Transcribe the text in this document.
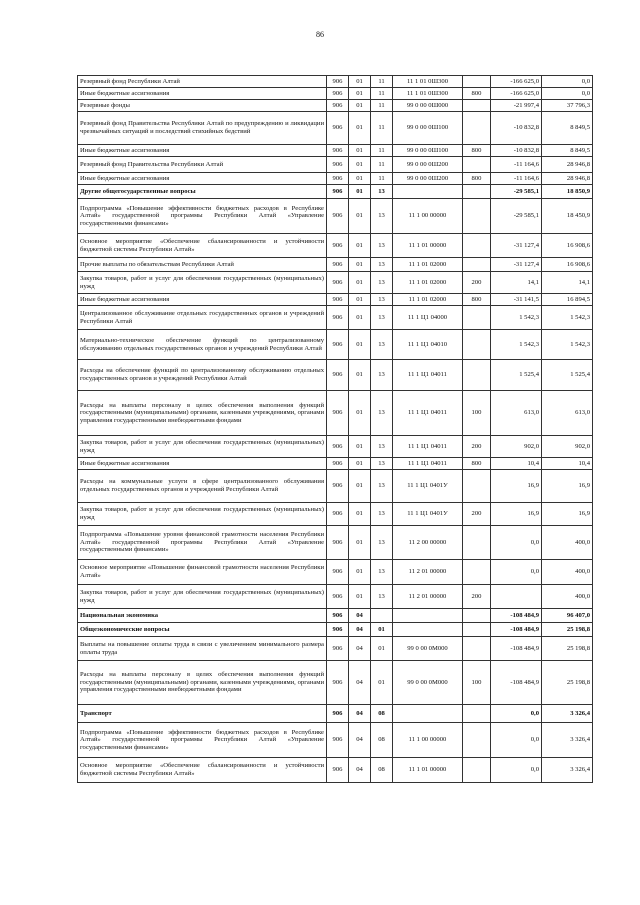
86
Резервный фонд Республики Алтай	906	01	11	11 1 01 0Ш300		-166 625,0	0,0
Иные бюджетные ассигнования	906	01	11	11 1 01 0Ш300	800	-166 625,0	0,0
Резервные фонды	906	01	11	99 0 00 0Ш000		-21 997,4	37 796,3
Резервный фонд Правительства Республики Алтай по предупреждению и ликвидации чрезвычайных ситуаций и последствий стихийных бедствий	906	01	11	99 0 00 0Ш100		-10 832,8	8 849,5
Иные бюджетные ассигнования	906	01	11	99 0 00 0Ш100	800	-10 832,8	8 849,5
Резервный фонд Правительства Республики Алтай	906	01	11	99 0 00 0Ш200		-11 164,6	28 946,8
Иные бюджетные ассигнования	906	01	11	99 0 00 0Ш200	800	-11 164,6	28 946,8
Другие общегосударственные вопросы	906	01	13			-29 585,1	18 850,9
Подпрограмма «Повышение эффективности бюджетных расходов в Республике Алтай» государственной программы Республики Алтай «Управление государственными финансами»	906	01	13	11 1 00 00000		-29 585,1	18 450,9
Основное мероприятие «Обеспечение сбалансированности и устойчивости бюджетной системы Республики Алтай»	906	01	13	11 1 01 00000		-31 127,4	16 908,6
Прочие выплаты по обязательствам Республики Алтай	906	01	13	11 1 01 02000		-31 127,4	16 908,6
Закупка товаров, работ и услуг для обеспечения государственных (муниципальных) нужд	906	01	13	11 1 01 02000	200	14,1	14,1
Иные бюджетные ассигнования	906	01	13	11 1 01 02000	800	-31 141,5	16 894,5
Централизованное обслуживание отдельных государственных органов и учреждений Республики Алтай	906	01	13	11 1 Ц1 04000		1 542,3	1 542,3
Материально-техническое обеспечение функций по централизованному обслуживанию отдельных государственных органов и учреждений Республики Алтай	906	01	13	11 1 Ц1 04010		1 542,3	1 542,3
Расходы на обеспечение функций по централизованному обслуживанию отдельных государственных органов и учреждений Республики Алтай	906	01	13	11 1 Ц1 04011		1 525,4	1 525,4
Расходы на выплаты персоналу в целях обеспечения выполнения функций государственными (муниципальными) органами, казенными учреждениями, органами управления государственными внебюджетными фондами	906	01	13	11 1 Ц1 04011	100	613,0	613,0
Закупка товаров, работ и услуг для обеспечения государственных (муниципальных) нужд	906	01	13	11 1 Ц1 04011	200	902,0	902,0
Иные бюджетные ассигнования	906	01	13	11 1 Ц1 04011	800	10,4	10,4
Расходы на коммунальные услуги в сфере централизованного обслуживания отдельных государственных органов и учреждений Республики Алтай	906	01	13	11 1 Ц1 0401У		16,9	16,9
Закупка товаров, работ и услуг для обеспечения государственных (муниципальных) нужд	906	01	13	11 1 Ц1 0401У	200	16,9	16,9
Подпрограмма «Повышение уровня финансовой грамотности населения Республики Алтай» государственной программы Республики Алтай «Управление государственными финансами»	906	01	13	11 2 00 00000		0,0	400,0
Основное мероприятие «Повышение финансовой грамотности населения Республики Алтай»	906	01	13	11 2 01 00000		0,0	400,0
Закупка товаров, работ и услуг для обеспечения государственных (муниципальных) нужд	906	01	13	11 2 01 00000	200		400,0
Национальная экономика	906	04				-108 484,9	96 407,0
Общеэкономические вопросы	906	04	01			-108 484,9	25 198,8
Выплаты на повышение оплаты труда в связи с увеличением минимального размера оплаты труда	906	04	01	99 0 00 0М000		-108 484,9	25 198,8
Расходы на выплаты персоналу в целях обеспечения выполнения функций государственными (муниципальными) органами, казенными учреждениями, органами управления государственными внебюджетными фондами	906	04	01	99 0 00 0М000	100	-108 484,9	25 198,8
Транспорт	906	04	08			0,0	3 326,4
Подпрограмма «Повышение эффективности бюджетных расходов в Республике Алтай» государственной программы Республики Алтай «Управление государственными финансами»	906	04	08	11 1 00 00000		0,0	3 326,4
Основное мероприятие «Обеспечение сбалансированности и устойчивости бюджетной системы Республики Алтай»	906	04	08	11 1 01 00000		0,0	3 326,4
